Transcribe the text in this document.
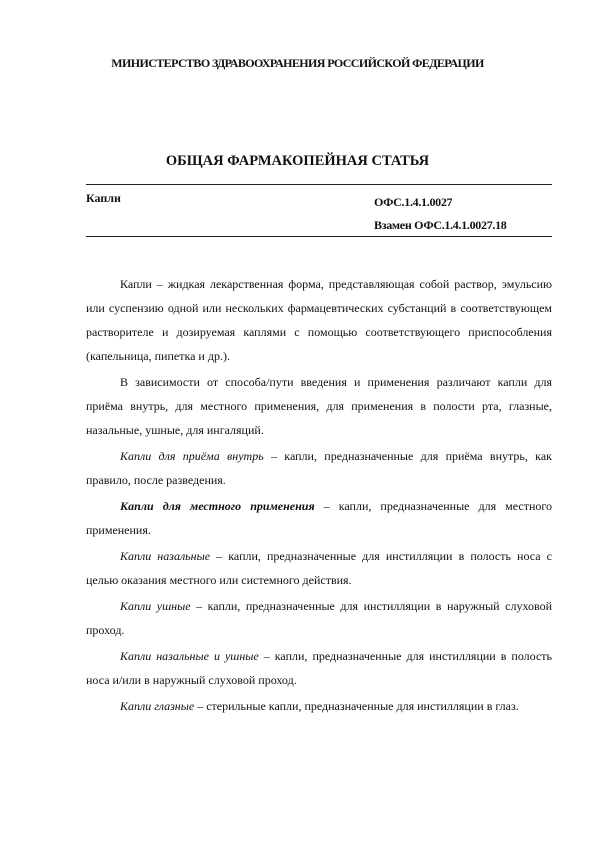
МИНИСТЕРСТВО ЗДРАВООХРАНЕНИЯ РОССИЙСКОЙ ФЕДЕРАЦИИ
ОБЩАЯ ФАРМАКОПЕЙНАЯ СТАТЬЯ
Капли	ОФС.1.4.1.0027
Взамен ОФС.1.4.1.0027.18

Капли – жидкая лекарственная форма, представляющая собой раствор, эмульсию или суспензию одной или нескольких фармацевтических субстанций в соответствующем растворителе и дозируемая каплями с помощью соответствующего приспособления (капельница, пипетка и др.).

В зависимости от способа/пути введения и применения различают капли для приёма внутрь, для местного применения, для применения в полости рта, глазные, назальные, ушные, для ингаляций.

Капли для приёма внутрь – капли, предназначенные для приёма внутрь, как правило, после разведения.

Капли для местного применения – капли, предназначенные для местного применения.

Капли назальные – капли, предназначенные для инстилляции в полость носа с целью оказания местного или системного действия.

Капли ушные – капли, предназначенные для инстилляции в наружный слуховой проход.

Капли назальные и ушные – капли, предназначенные для инстилляции в полость носа и/или в наружный слуховой проход.

Капли глазные – стерильные капли, предназначенные для инстилляции в глаз.
